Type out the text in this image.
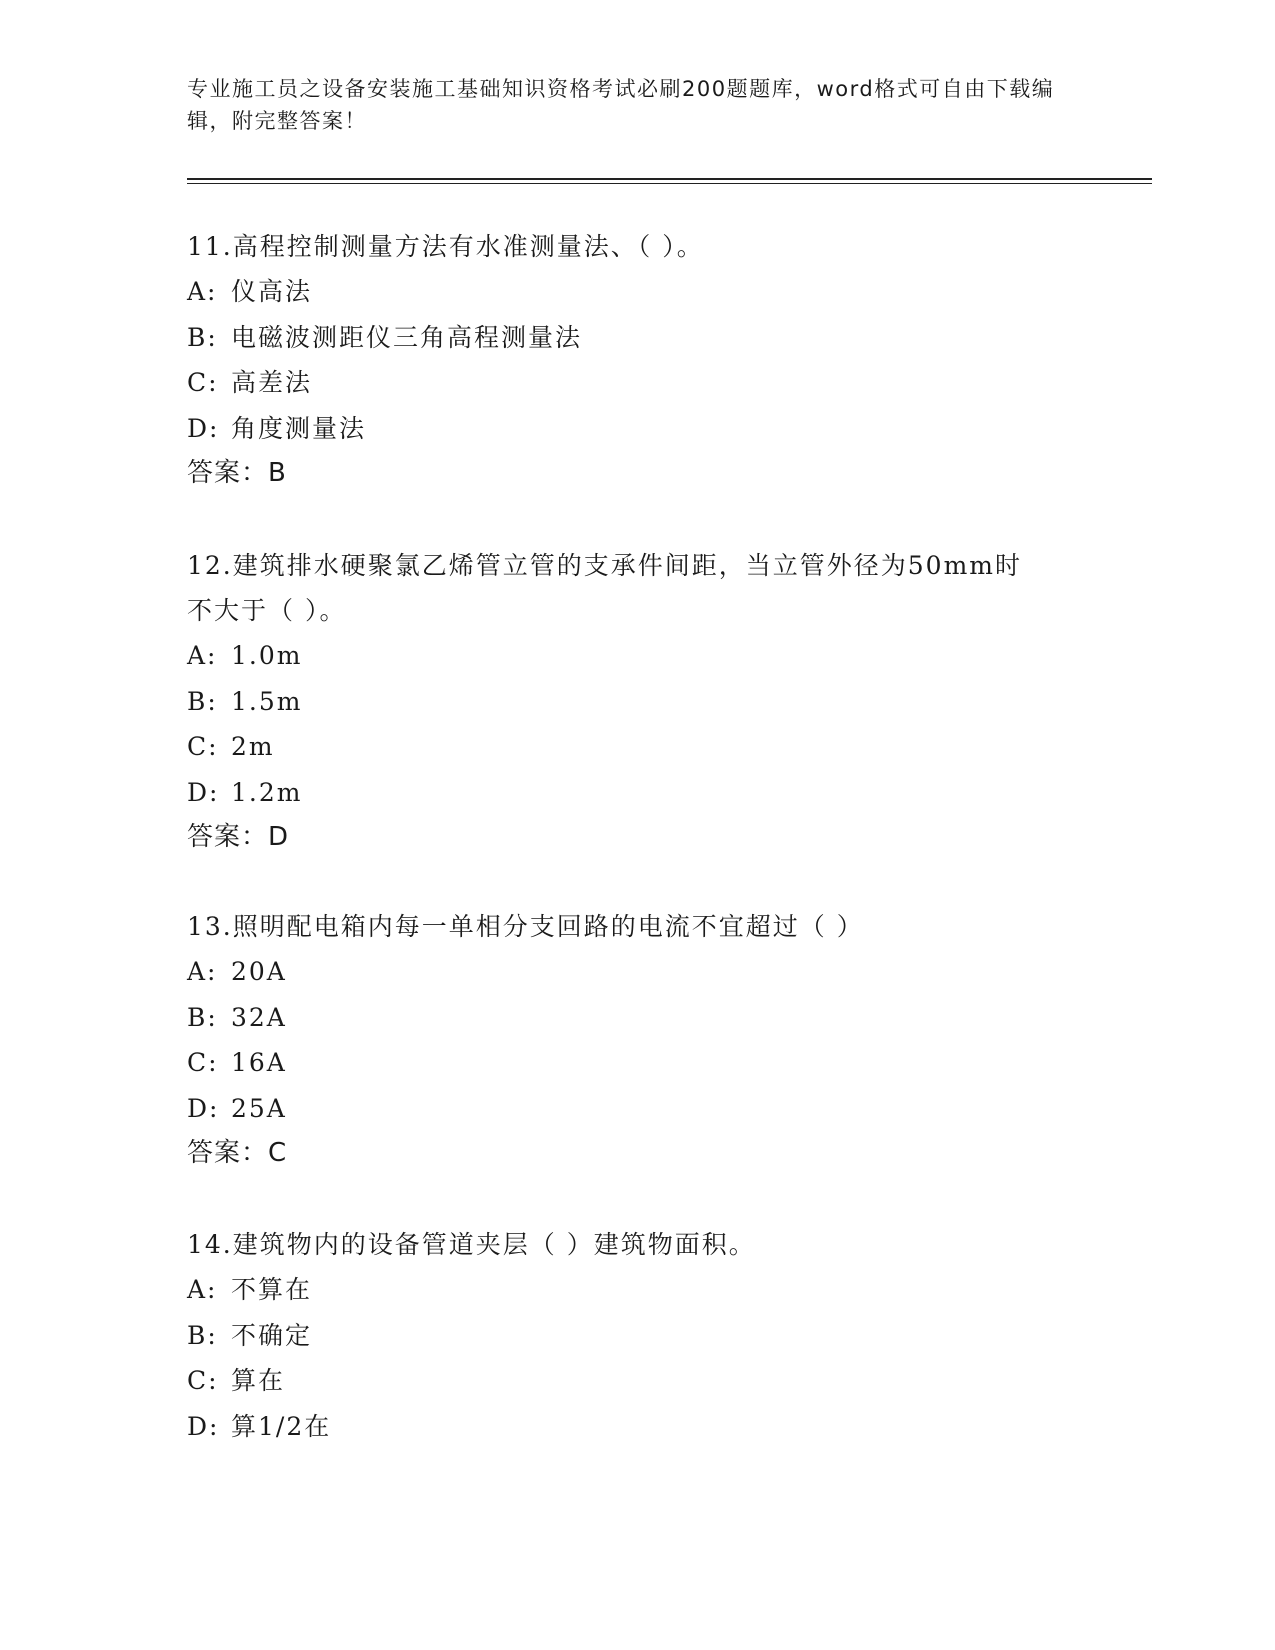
专业施工员之设备安装施工基础知识资格考试必刷200题题库，word格式可自由下载编辑，附完整答案！

11.高程控制测量方法有水准测量法、（ ）。

A: 仪高法

B: 电磁波测距仪三角高程测量法

C: 高差法

D: 角度测量法

答案：B

12.建筑排水硬聚氯乙烯管立管的支承件间距，当立管外径为50mm时不大于（ ）。

A: 1.0m

B: 1.5m

C: 2m

D: 1.2m

答案：D

13.照明配电箱内每一单相分支回路的电流不宜超过（ ）

A: 20A

B: 32A

C: 16A

D: 25A

答案：C

14.建筑物内的设备管道夹层（ ）建筑物面积。

A: 不算在

B: 不确定

C: 算在

D: 算1/2在
